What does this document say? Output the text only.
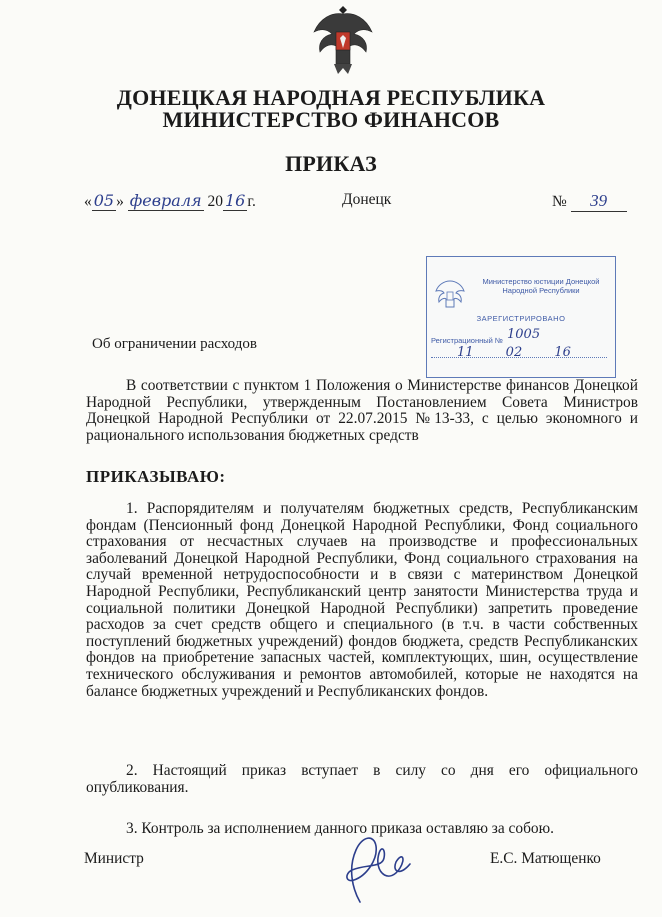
ДОНЕЦКАЯ НАРОДНАЯ РЕСПУБЛИКА
МИНИСТЕРСТВО ФИНАНСОВ
ПРИКАЗ
« 05 » февраля 20 16 г.	Донецк	№ 39
Министерство юстиции Донецкой Народной Республики
ЗАРЕГИСТРИРОВАНО
Регистрационный № 1005
11 02 16
Об ограничении расходов

В соответствии с пунктом 1 Положения о Министерстве финансов Донецкой Народной Республики, утвержденным Постановлением Совета Министров Донецкой Народной Республики от 22.07.2015 №13-33, с целью экономного и рационального использования бюджетных средств

ПРИКАЗЫВАЮ:

1. Распорядителям и получателям бюджетных средств, Республиканским фондам (Пенсионный фонд Донецкой Народной Республики, Фонд социального страхования от несчастных случаев на производстве и профессиональных заболеваний Донецкой Народной Республики, Фонд социального страхования на случай временной нетрудоспособности и в связи с материнством Донецкой Народной Республики, Республиканский центр занятости Министерства труда и социальной политики Донецкой Народной Республики) запретить проведение расходов за счет средств общего и специального (в т.ч. в части собственных поступлений бюджетных учреждений) фондов бюджета, средств Республиканских фондов на приобретение запасных частей, комплектующих, шин, осуществление технического обслуживания и ремонтов автомобилей, которые не находятся на балансе бюджетных учреждений и Республиканских фондов.

2. Настоящий приказ вступает в силу со дня его официального опубликования.

3. Контроль за исполнением данного приказа оставляю за собою.

Министр	Е.С. Матющенко
